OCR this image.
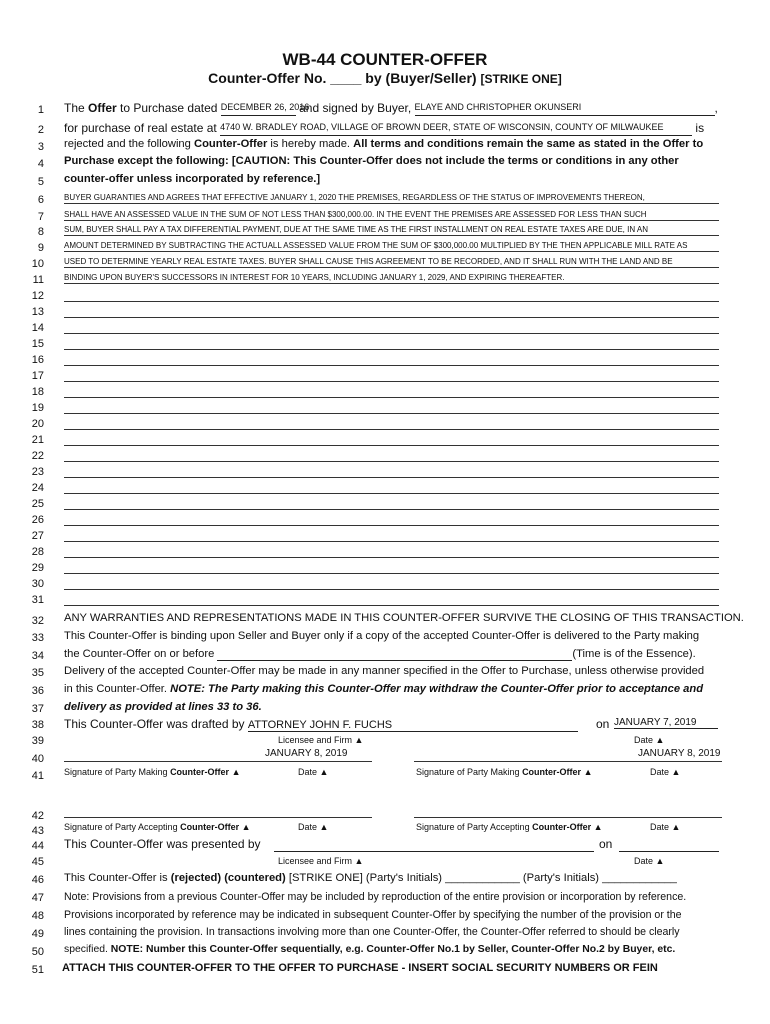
WB-44 COUNTER-OFFER
Counter-Offer No. ____ by (Buyer/Seller) [STRIKE ONE]
1
2
3
4
5
6
7
8
9
10
11
12
13
14
15
16
17
18
19
20
21
22
23
24
25
26
27
28
29
30
31
32
33
34
35
36
37
38
39
40
41
42
43
44
45
46
47
48
49
50
51
The Offer to Purchase dated DECEMBER 26, 2016 and signed by Buyer, ELAYE AND CHRISTOPHER OKUNSERI	,
for purchase of real estate at 4740 W. BRADLEY ROAD, VILLAGE OF BROWN DEER, STATE OF WISCONSIN, COUNTY OF MILWAUKEE is
rejected and the following Counter-Offer is hereby made. All terms and conditions remain the same as stated in the Offer to
Purchase except the following: [CAUTION: This Counter-Offer does not include the terms or conditions in any other
counter-offer unless incorporated by reference.]
BUYER GUARANTIES AND AGREES THAT EFFECTIVE JANUARY 1, 2020 THE PREMISES, REGARDLESS OF THE STATUS OF IMPROVEMENTS THEREON,
SHALL HAVE AN ASSESSED VALUE IN THE SUM OF NOT LESS THAN $300,000.00. IN THE EVENT THE PREMISES ARE ASSESSED FOR LESS THAN SUCH
SUM, BUYER SHALL PAY A TAX DIFFERENTIAL PAYMENT, DUE AT THE SAME TIME AS THE FIRST INSTALLMENT ON REAL ESTATE TAXES ARE DUE, IN AN
AMOUNT DETERMINED BY SUBTRACTING THE ACTUALL ASSESSED VALUE FROM THE SUM OF $300,000.00 MULTIPLIED BY THE THEN APPLICABLE MILL RATE AS
USED TO DETERMINE YEARLY REAL ESTATE TAXES. BUYER SHALL CAUSE THIS AGREEMENT TO BE RECORDED, AND IT SHALL RUN WITH THE LAND AND BE
BINDING UPON BUYER'S SUCCESSORS IN INTEREST FOR 10 YEARS, INCLUDING JANUARY 1, 2029, AND EXPIRING THEREAFTER.
ANY WARRANTIES AND REPRESENTATIONS MADE IN THIS COUNTER-OFFER SURVIVE THE CLOSING OF THIS TRANSACTION.
This Counter-Offer is binding upon Seller and Buyer only if a copy of the accepted Counter-Offer is delivered to the Party making
the Counter-Offer on or before	(Time is of the Essence).
Delivery of the accepted Counter-Offer may be made in any manner specified in the Offer to Purchase, unless otherwise provided
in this Counter-Offer. NOTE: The Party making this Counter-Offer may withdraw the Counter-Offer prior to acceptance and
delivery as provided at lines 33 to 36.
This Counter-Offer was drafted by ATTORNEY JOHN F. FUCHS	on JANUARY 7, 2019
Licensee and Firm ▲	Date ▲
JANUARY 8, 2019	JANUARY 8, 2019
Signature of Party Making Counter-Offer ▲	Date ▲	Signature of Party Making Counter-Offer ▲	Date ▲
Signature of Party Accepting Counter-Offer ▲	Date ▲	Signature of Party Accepting Counter-Offer ▲	Date ▲
This Counter-Offer was presented by
	on

Licensee and Firm ▲	Date ▲
This Counter-Offer is (rejected) (countered) [STRIKE ONE] (Party's Initials) ____________ (Party's Initials) ____________
Note: Provisions from a previous Counter-Offer may be included by reproduction of the entire provision or incorporation by reference.
Provisions incorporated by reference may be indicated in subsequent Counter-Offer by specifying the number of the provision or the
lines containing the provision. In transactions involving more than one Counter-Offer, the Counter-Offer referred to should be clearly
specified. NOTE: Number this Counter-Offer sequentially, e.g. Counter-Offer No.1 by Seller, Counter-Offer No.2 by Buyer, etc.
ATTACH THIS COUNTER-OFFER TO THE OFFER TO PURCHASE - INSERT SOCIAL SECURITY NUMBERS OR FEIN
